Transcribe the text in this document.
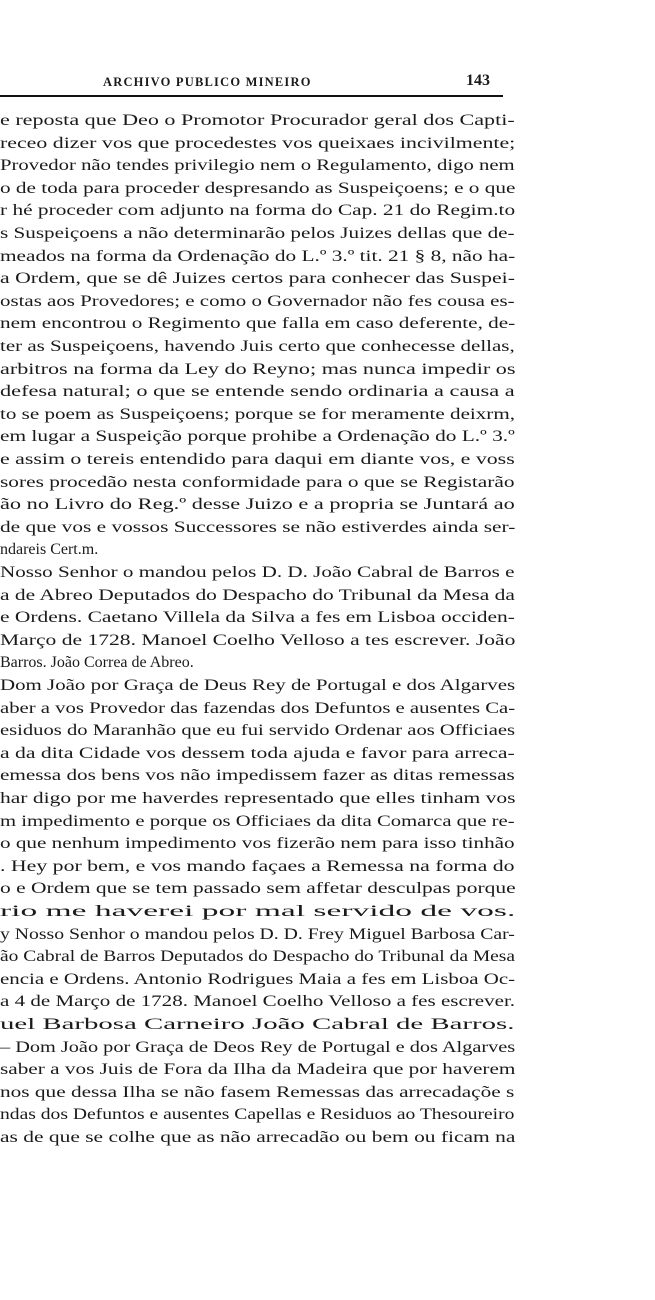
ARCHIVO PUBLICO MINEIRO	143
e reposta que Deo o Promotor Procurador geral dos Capti-
receo dizer vos que procedestes vos queixaes incivilmente;
Provedor não tendes privilegio nem o Regulamento, digo nem
o de toda para proceder despresando as Suspeiçoens; e o que
r hé proceder com adjunto na forma do Cap. 21 do Regim.to
s Suspeiçoens a não determinarão pelos Juizes dellas que de-
meados na forma da Ordenação do L.º 3.º tit. 21 § 8, não ha-
a Ordem, que se dê Juizes certos para conhecer das Suspei-
ostas aos Provedores; e como o Governador não fes cousa es-
nem encontrou o Regimento que falla em caso deferente, de-
ter as Suspeiçoens, havendo Juis certo que conhecesse dellas,
arbitros na forma da Ley do Reyno; mas nunca impedir os
defesa natural; o que se entende sendo ordinaria a causa a
to se poem as Suspeiçoens; porque se for meramente deixrm,
em lugar a Suspeição porque prohibe a Ordenação do L.º 3.º
e assim o tereis entendido para daqui em diante vos, e voss
sores procedão nesta conformidade para o que se Registarão
ão no Livro do Reg.º desse Juizo e a propria se Juntará ao
de que vos e vossos Successores se não estiverdes ainda ser-
ndareis Cert.m.
Nosso Senhor o mandou pelos D. D. João Cabral de Barros e
a de Abreo Deputados do Despacho do Tribunal da Mesa da
e Ordens. Caetano Villela da Silva a fes em Lisboa occiden-
Março de 1728. Manoel Coelho Velloso a tes escrever. João
Barros. João Correa de Abreo.
Dom João por Graça de Deus Rey de Portugal e dos Algarves
aber a vos Provedor das fazendas dos Defuntos e ausentes Ca-
esiduos do Maranhão que eu fui servido Ordenar aos Officiaes
a da dita Cidade vos dessem toda ajuda e favor para arreca-
emessa dos bens vos não impedissem fazer as ditas remessas
har digo por me haverdes representado que elles tinham vos
m impedimento e porque os Officiaes da dita Comarca que re-
o que nenhum impedimento vos fizerão nem para isso tinhão
. Hey por bem, e vos mando façaes a Remessa na forma do
o e Ordem que se tem passado sem affetar desculpas porque
rio me haverei por mal servido de vos.
y Nosso Senhor o mandou pelos D. D. Frey Miguel Barbosa Car-
ão Cabral de Barros Deputados do Despacho do Tribunal da Mesa
encia e Ordens. Antonio Rodrigues Maia a fes em Lisboa Oc-
a 4 de Março de 1728. Manoel Coelho Velloso a fes escrever.
uel Barbosa Carneiro João Cabral de Barros.
– Dom João por Graça de Deos Rey de Portugal e dos Algarves
saber a vos Juis de Fora da Ilha da Madeira que por haverem
nos que dessa Ilha se não fasem Remessas das arrecadaçõe s
ndas dos Defuntos e ausentes Capellas e Residuos ao Thesoureiro
as de que se colhe que as não arrecadão ou bem ou ficam na
